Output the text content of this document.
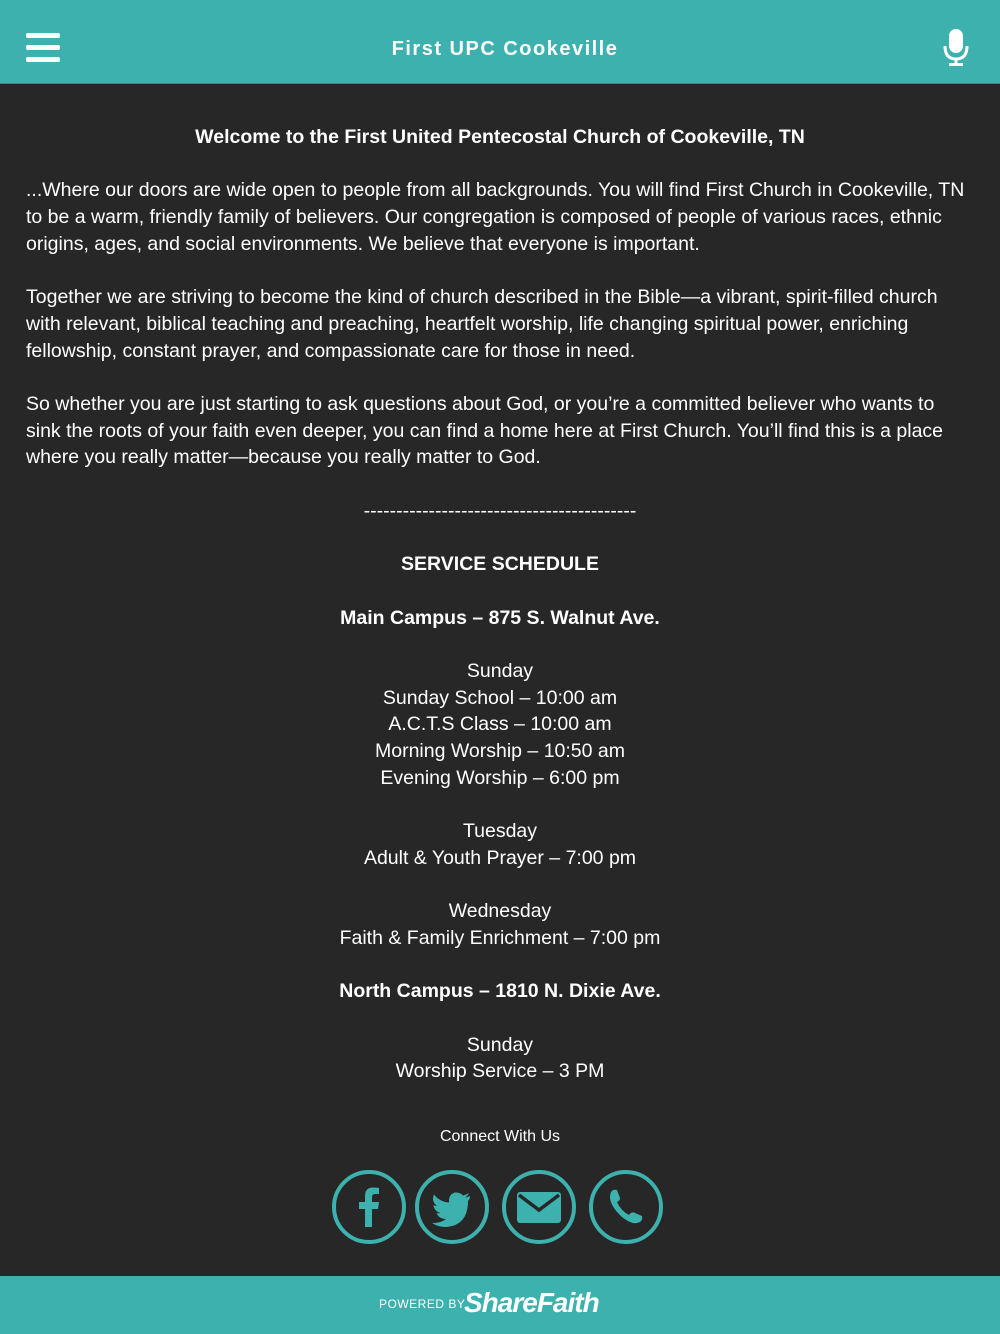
First UPC Cookeville

Welcome to the First United Pentecostal Church of Cookeville, TN

...Where our doors are wide open to people from all backgrounds. You will find First Church in Cookeville, TN to be a warm, friendly family of believers. Our congregation is composed of people of various races, ethnic origins, ages, and social environments. We believe that everyone is important.

Together we are striving to become the kind of church described in the Bible—a vibrant, spirit-filled church with relevant, biblical teaching and preaching, heartfelt worship, life changing spiritual power, enriching fellowship, constant prayer, and compassionate care for those in need.

So whether you are just starting to ask questions about God, or you’re a committed believer who wants to sink the roots of your faith even deeper, you can find a home here at First Church. You’ll find this is a place where you really matter—because you really matter to God.

------------------------------------------

SERVICE SCHEDULE

Main Campus – 875 S. Walnut Ave.

Sunday

Sunday School – 10:00 am

A.C.T.S Class – 10:00 am

Morning Worship – 10:50 am

Evening Worship – 6:00 pm

Tuesday

Adult & Youth Prayer – 7:00 pm

Wednesday

Faith & Family Enrichment – 7:00 pm

North Campus – 1810 N. Dixie Ave.

Sunday

Worship Service – 3 PM

Connect With Us
POWERED BY
ShareFaith
